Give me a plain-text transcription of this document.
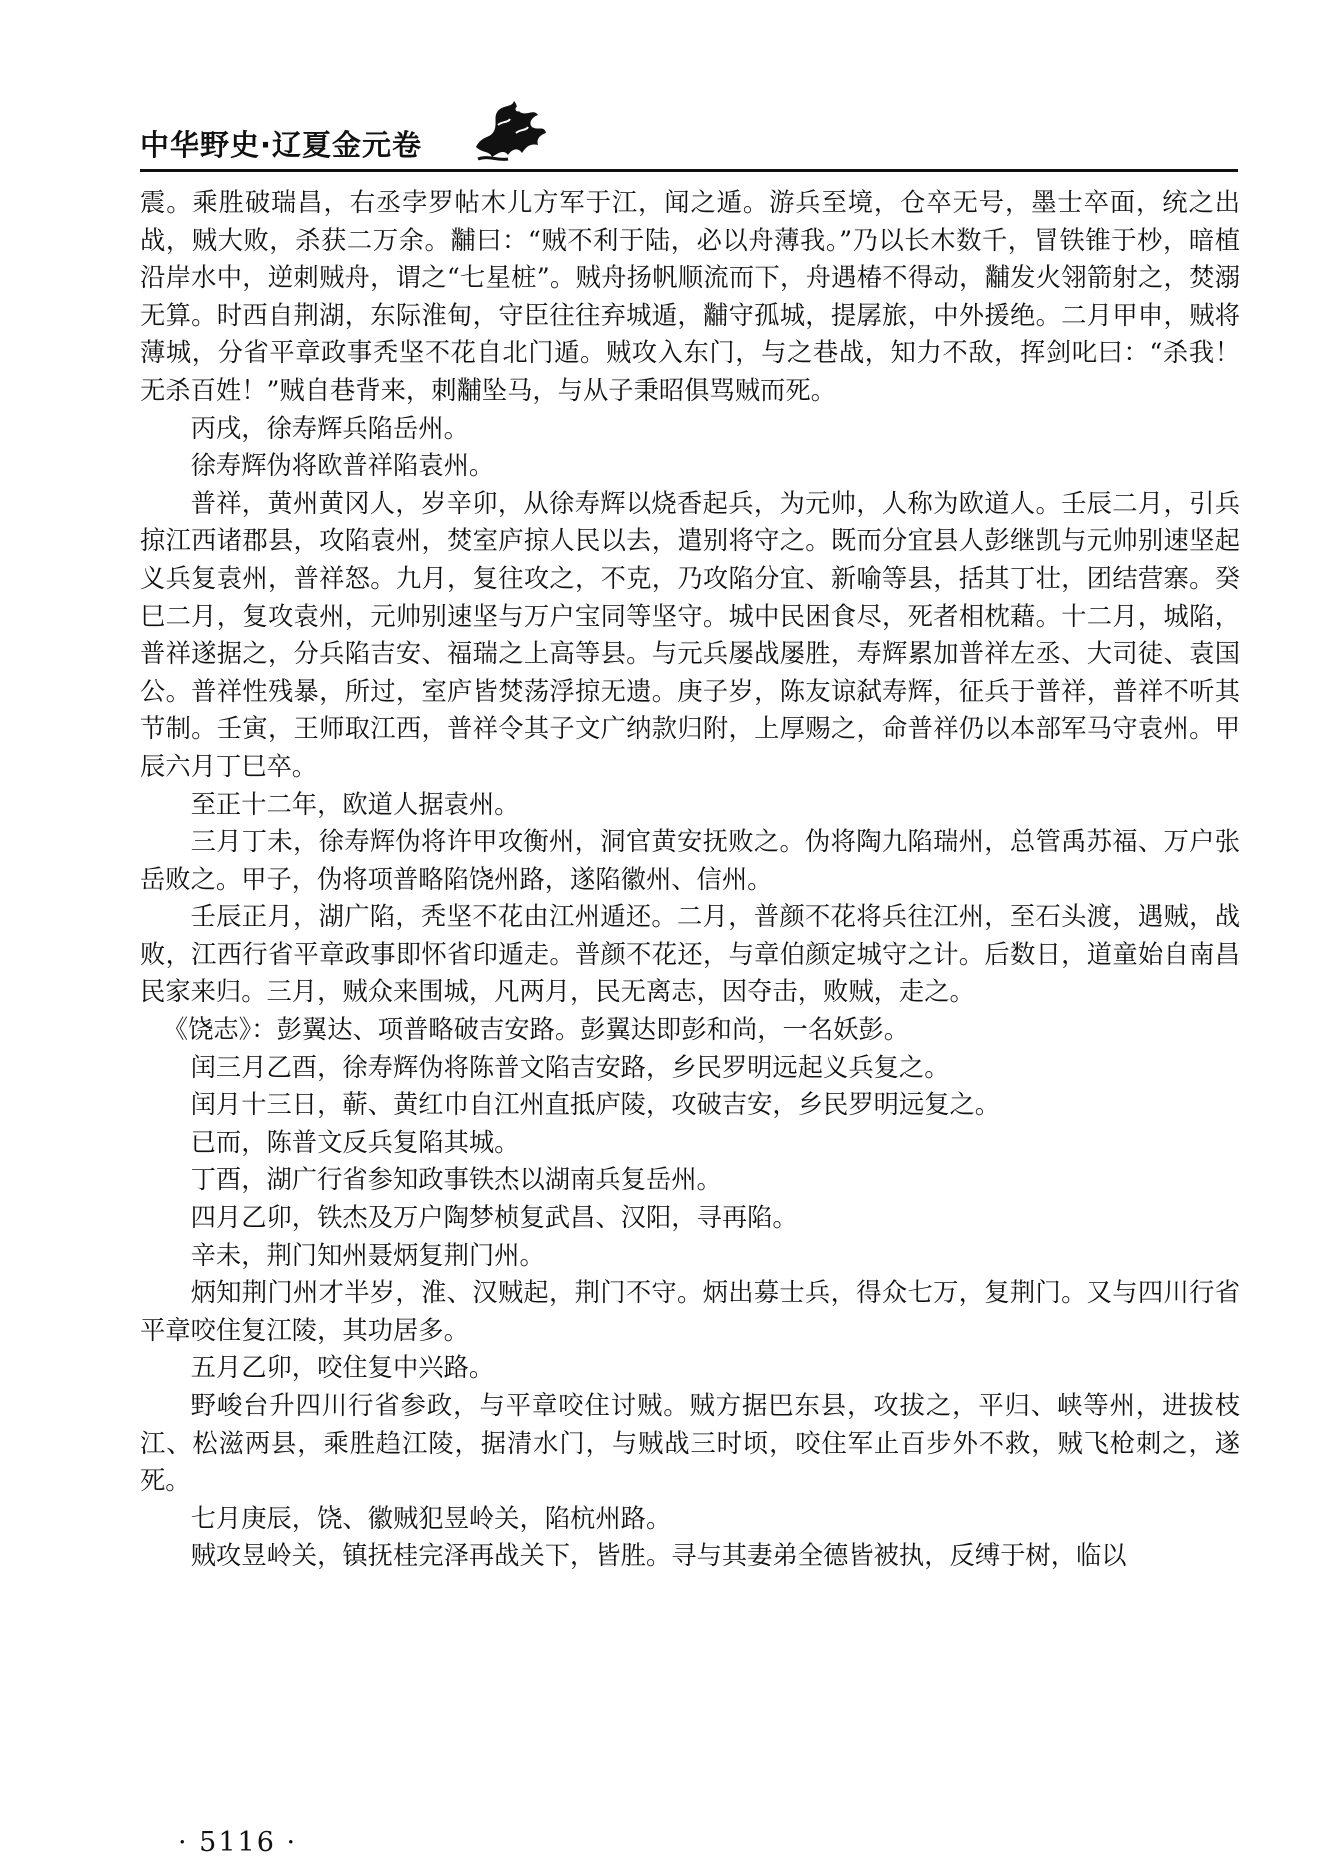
中华野史·辽夏金元卷

震。乘胜破瑞昌，右丞孛罗帖木儿方军于江，闻之遁。游兵至境，仓卒无号，墨士卒面，统之出战，贼大败，杀获二万余。黼曰：“贼不利于陆，必以舟薄我。”乃以长木数千，冒铁锥于杪，暗植沿岸水中，逆刺贼舟，谓之“七星桩”。贼舟扬帆顺流而下，舟遇椿不得动，黼发火翎箭射之，焚溺无算。时西自荆湖，东际淮甸，守臣往往弃城遁，黼守孤城，提孱旅，中外援绝。二月甲申，贼将薄城，分省平章政事秃坚不花自北门遁。贼攻入东门，与之巷战，知力不敌，挥剑叱曰：“杀我！无杀百姓！”贼自巷背来，刺黼坠马，与从子秉昭俱骂贼而死。

丙戌，徐寿辉兵陷岳州。

徐寿辉伪将欧普祥陷袁州。

普祥，黄州黄冈人，岁辛卯，从徐寿辉以烧香起兵，为元帅，人称为欧道人。壬辰二月，引兵掠江西诸郡县，攻陷袁州，焚室庐掠人民以去，遣别将守之。既而分宜县人彭继凯与元帅别速坚起义兵复袁州，普祥怒。九月，复往攻之，不克，乃攻陷分宜、新喻等县，括其丁壮，团结营寨。癸巳二月，复攻袁州，元帅别速坚与万户宝同等坚守。城中民困食尽，死者相枕藉。十二月，城陷，普祥遂据之，分兵陷吉安、福瑞之上高等县。与元兵屡战屡胜，寿辉累加普祥左丞、大司徒、袁国公。普祥性残暴，所过，室庐皆焚荡浮掠无遗。庚子岁，陈友谅弑寿辉，征兵于普祥，普祥不听其节制。壬寅，王师取江西，普祥令其子文广纳款归附，上厚赐之，命普祥仍以本部军马守袁州。甲辰六月丁巳卒。

至正十二年，欧道人据袁州。

三月丁未，徐寿辉伪将许甲攻衡州，洞官黄安抚败之。伪将陶九陷瑞州，总管禹苏福、万户张岳败之。甲子，伪将项普略陷饶州路，遂陷徽州、信州。

壬辰正月，湖广陷，秃坚不花由江州遁还。二月，普颜不花将兵往江州，至石头渡，遇贼，战败，江西行省平章政事即怀省印遁走。普颜不花还，与章伯颜定城守之计。后数日，道童始自南昌民家来归。三月，贼众来围城，凡两月，民无离志，因夺击，败贼，走之。

《饶志》：彭翼达、项普略破吉安路。彭翼达即彭和尚，一名妖彭。

闰三月乙酉，徐寿辉伪将陈普文陷吉安路，乡民罗明远起义兵复之。

闰月十三日，蕲、黄红巾自江州直抵庐陵，攻破吉安，乡民罗明远复之。

已而，陈普文反兵复陷其城。

丁酉，湖广行省参知政事铁杰以湖南兵复岳州。

四月乙卯，铁杰及万户陶梦桢复武昌、汉阳，寻再陷。

辛未，荆门知州聂炳复荆门州。

炳知荆门州才半岁，淮、汉贼起，荆门不守。炳出募士兵，得众七万，复荆门。又与四川行省平章咬住复江陵，其功居多。

五月乙卯，咬住复中兴路。

野峻台升四川行省参政，与平章咬住讨贼。贼方据巴东县，攻拔之，平归、峡等州，进拔枝江、松滋两县，乘胜趋江陵，据清水门，与贼战三时顷，咬住军止百步外不救，贼飞枪刺之，遂死。

七月庚辰，饶、徽贼犯昱岭关，陷杭州路。

贼攻昱岭关，镇抚桂完泽再战关下，皆胜。寻与其妻弟全德皆被执，反缚于树，临以

· 5116 ·
